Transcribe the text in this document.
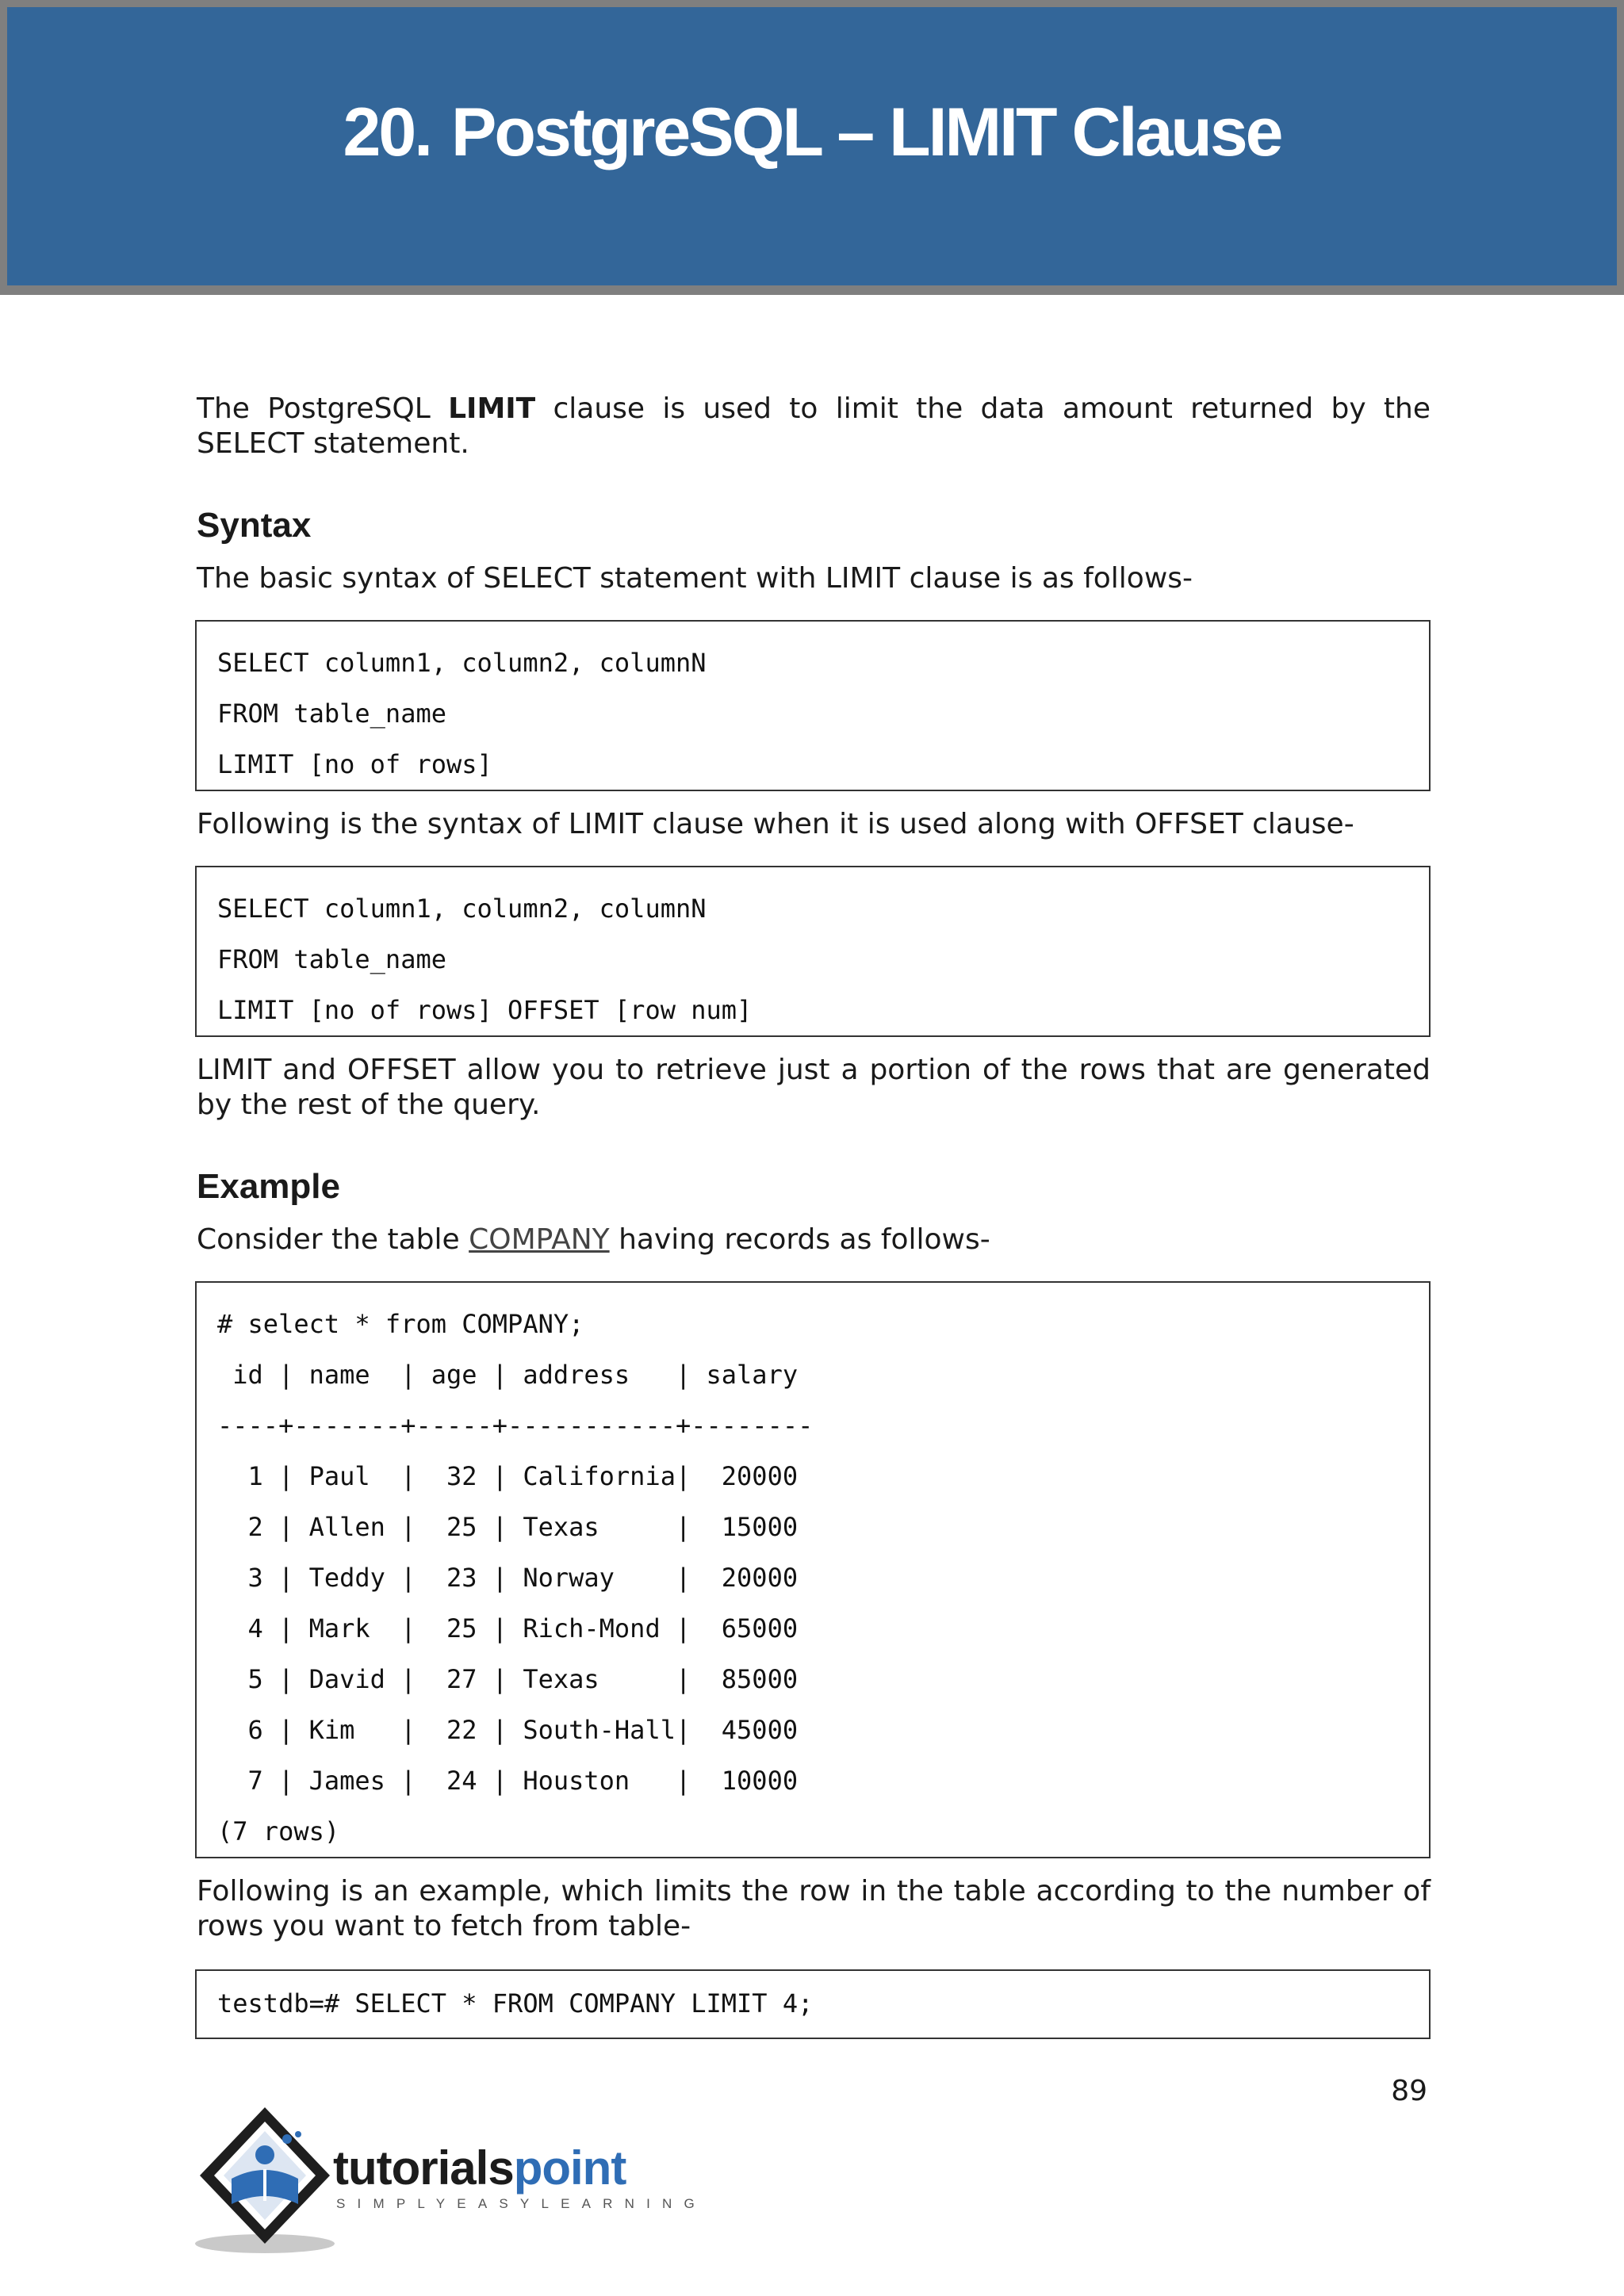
20. PostgreSQL – LIMIT Clause

The PostgreSQL LIMIT clause is used to limit the data amount returned by the SELECT statement.

Syntax

The basic syntax of SELECT statement with LIMIT clause is as follows-

SELECT column1, column2, columnN
FROM table_name
LIMIT [no of rows]

Following is the syntax of LIMIT clause when it is used along with OFFSET clause-

SELECT column1, column2, columnN
FROM table_name
LIMIT [no of rows] OFFSET [row num]

LIMIT and OFFSET allow you to retrieve just a portion of the rows that are generated by the rest of the query.

Example

Consider the table COMPANY having records as follows-

# select * from COMPANY;
id | name  | age | address   | salary
----+-------+-----+-----------+--------
1 | Paul  |  32 | California|  20000
2 | Allen |  25 | Texas     |  15000
3 | Teddy |  23 | Norway    |  20000
4 | Mark  |  25 | Rich-Mond |  65000
5 | David |  27 | Texas     |  85000
6 | Kim   |  22 | South-Hall|  45000
7 | James |  24 | Houston   |  10000
(7 rows)

Following is an example, which limits the row in the table according to the number of rows you want to fetch from table-

testdb=# SELECT * FROM COMPANY LIMIT 4;
89
tutorialspoint
SIMPLYEASYLEARNING
